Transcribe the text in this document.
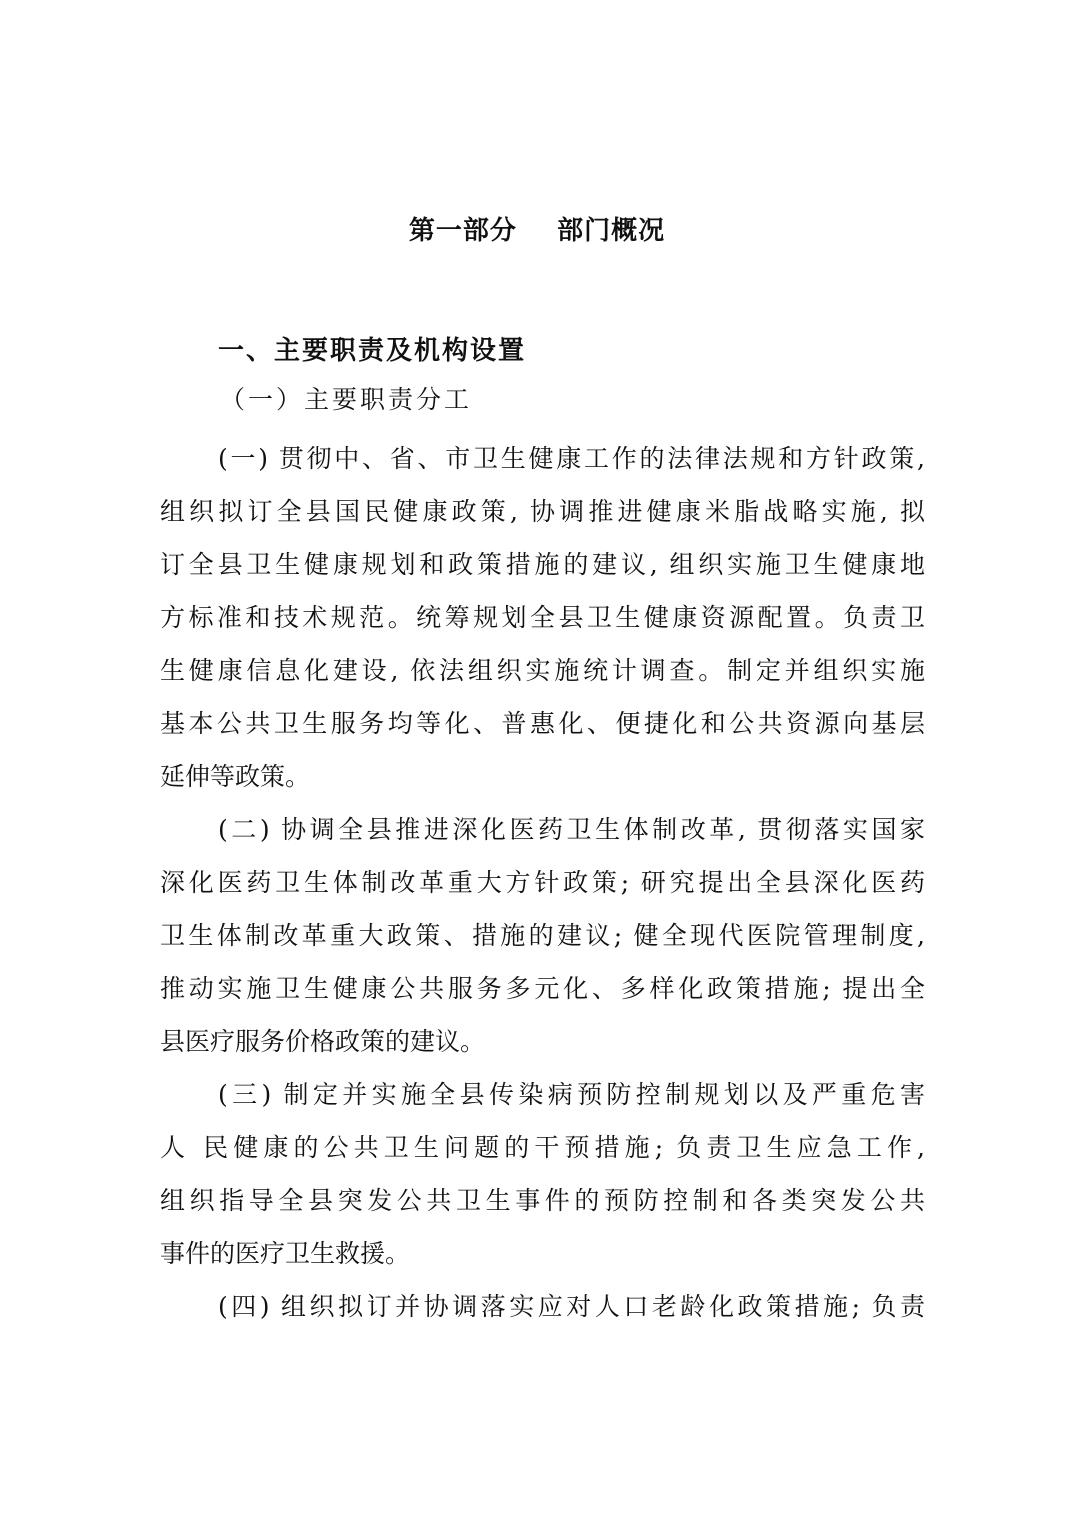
第一部分    部门概况
一、主要职责及机构设置
（一）主要职责分工
(一) 贯彻中、省、市卫生健康工作的法律法规和方针政策,
组织拟订全县国民健康政策, 协调推进健康米脂战略实施, 拟
订全县卫生健康规划和政策措施的建议, 组织实施卫生健康地
方标准和技术规范。统筹规划全县卫生健康资源配置。负责卫
生健康信息化建设, 依法组织实施统计调查。制定并组织实施
基本公共卫生服务均等化、普惠化、便捷化和公共资源向基层
延伸等政策。
(二) 协调全县推进深化医药卫生体制改革, 贯彻落实国家
深化医药卫生体制改革重大方针政策; 研究提出全县深化医药
卫生体制改革重大政策、措施的建议; 健全现代医院管理制度,
推动实施卫生健康公共服务多元化、多样化政策措施; 提出全
县医疗服务价格政策的建议。
(三) 制定并实施全县传染病预防控制规划以及严重危害
人 民健康的公共卫生问题的干预措施; 负责卫生应急工作,
组织指导全县突发公共卫生事件的预防控制和各类突发公共
事件的医疗卫生救援。
(四) 组织拟订并协调落实应对人口老龄化政策措施; 负责
